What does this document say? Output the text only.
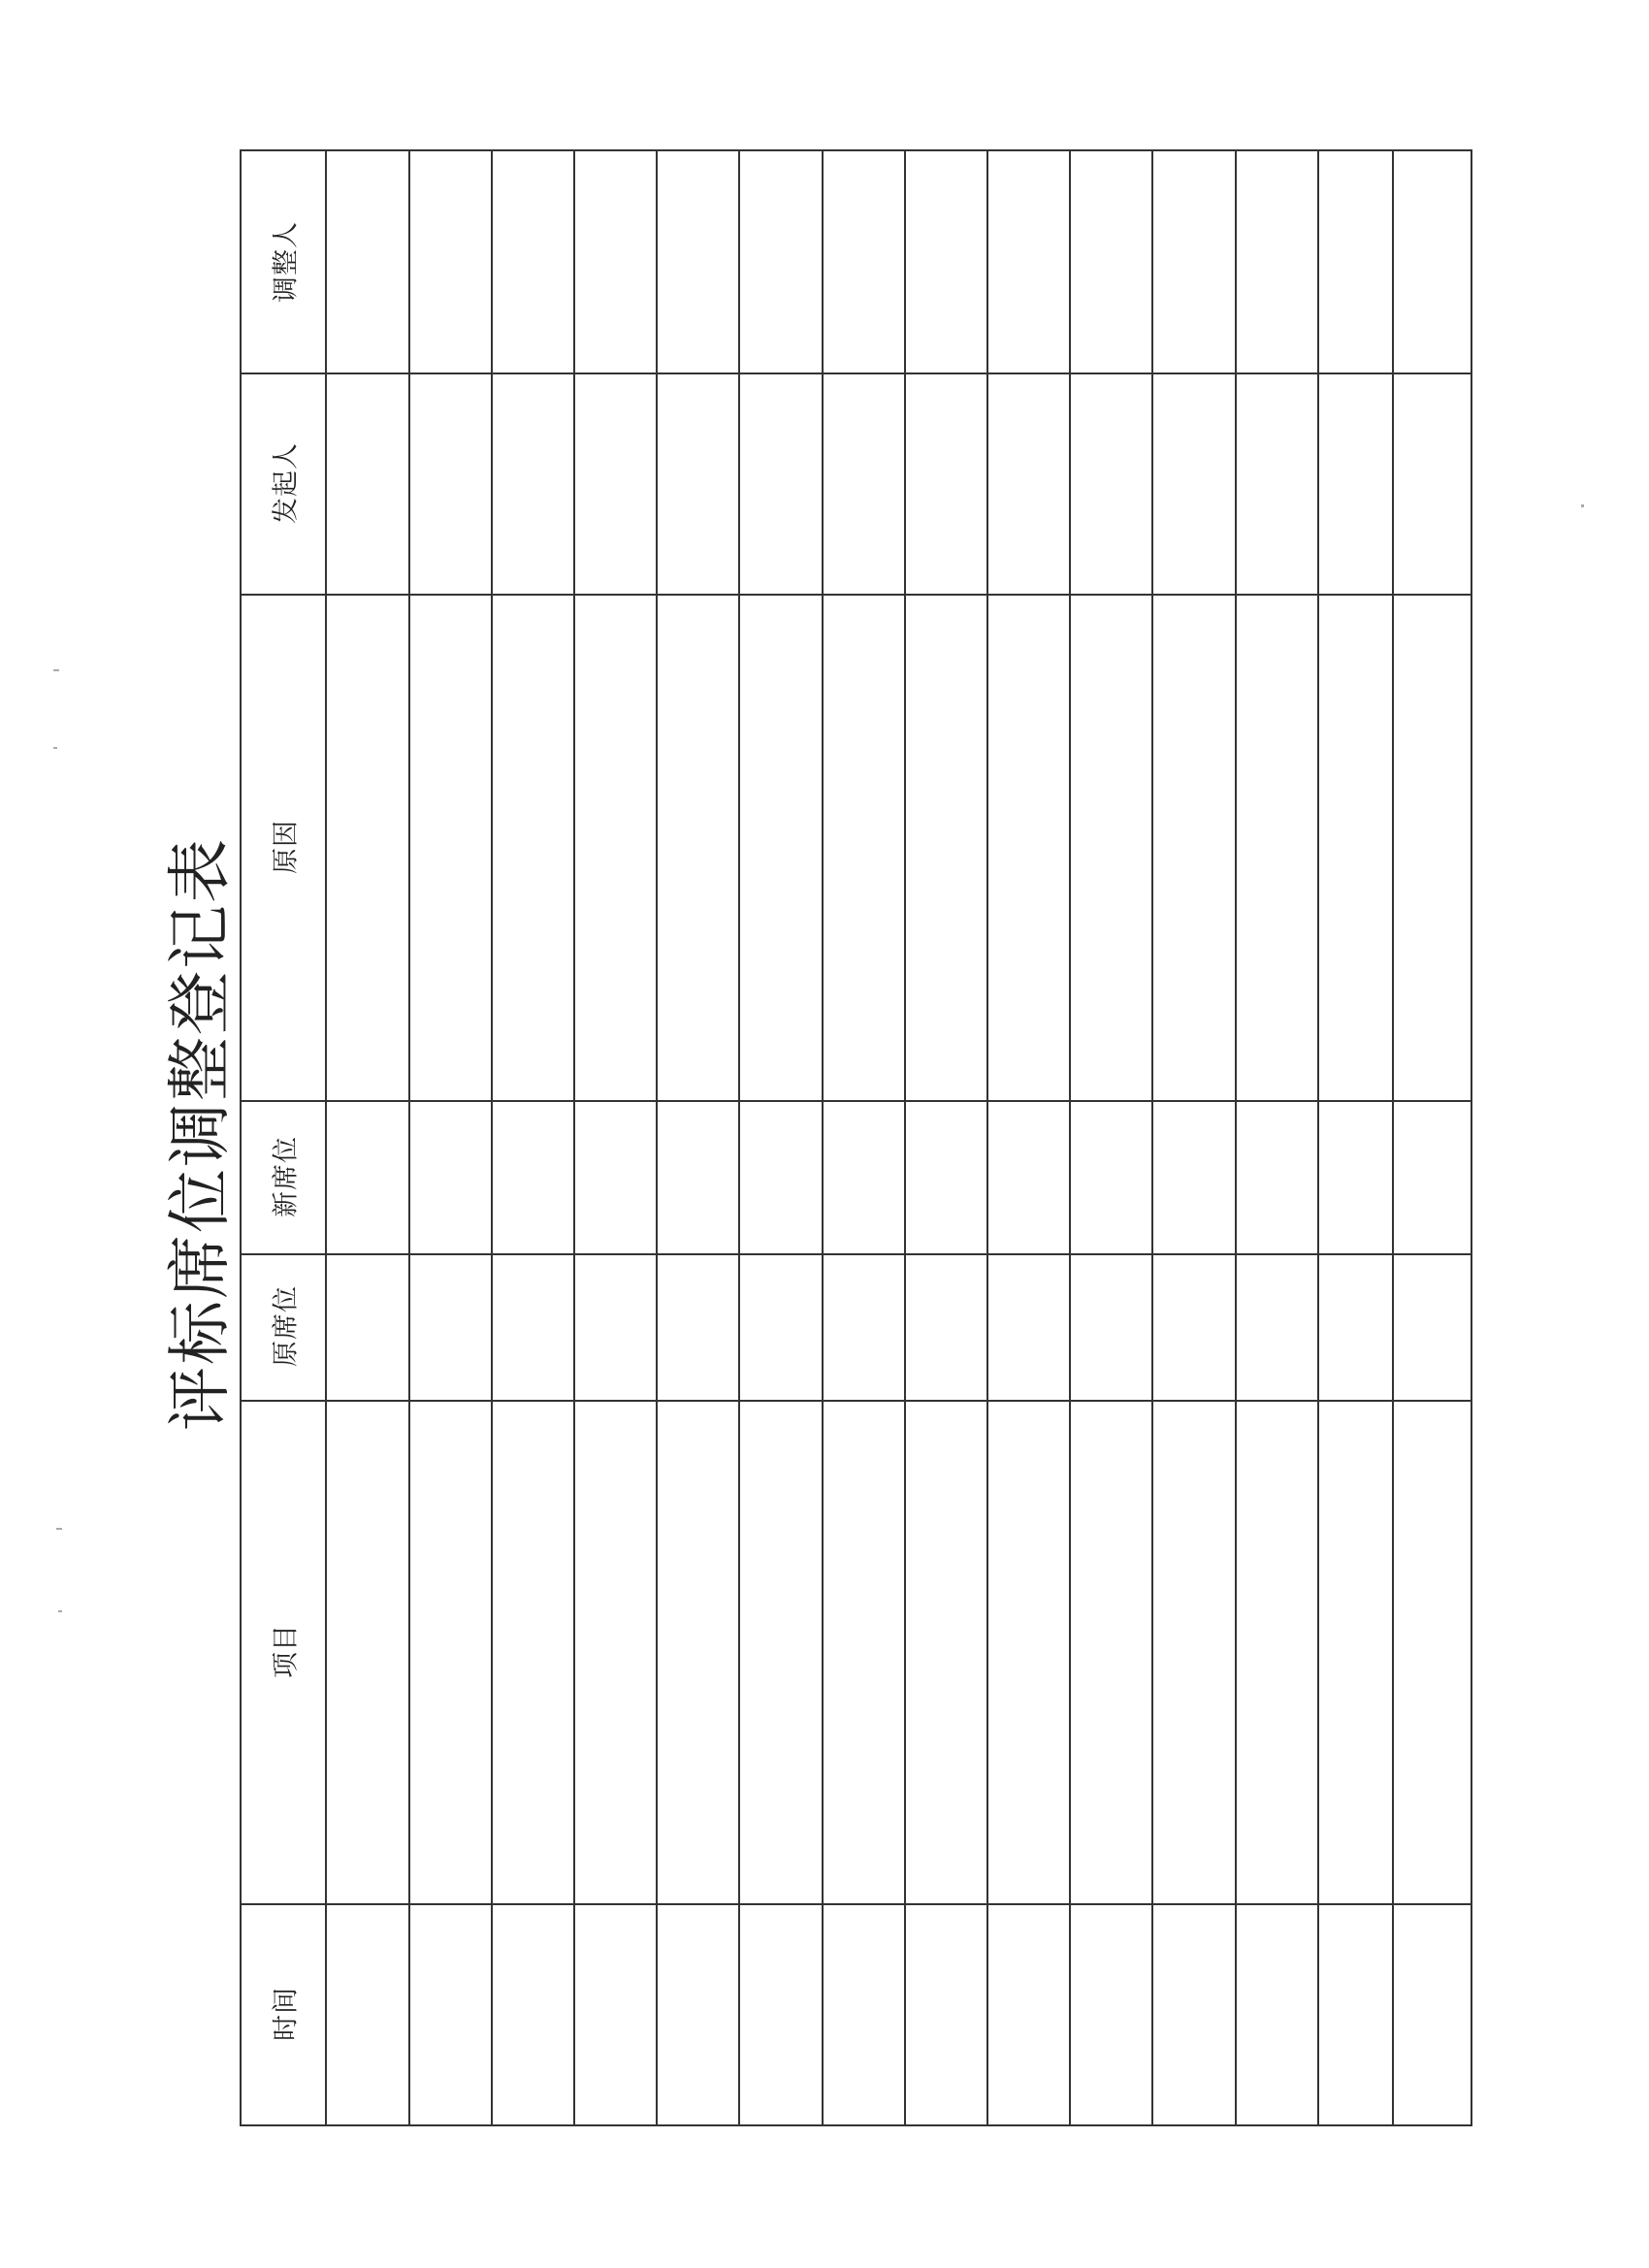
评标席位调整登记表
调整人
发起人
原因
新席位
原席位
项目
时间
